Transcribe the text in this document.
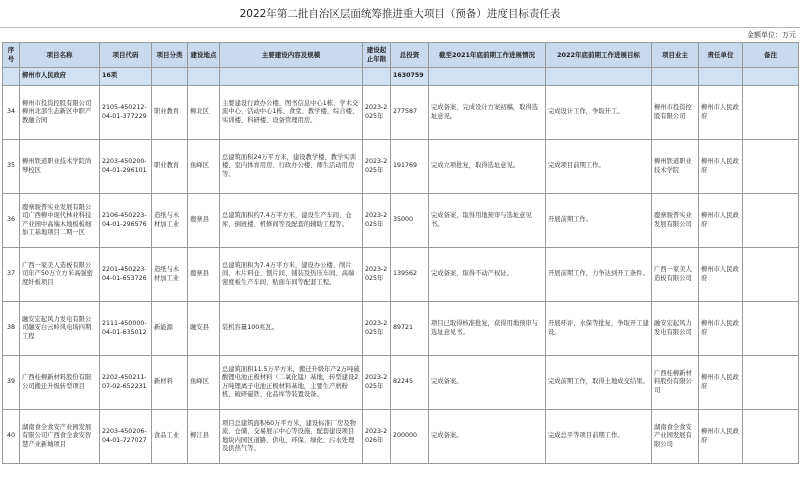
2022年第二批自治区层面统筹推进重大项目（预备）进度目标责任表
金额单位：万元
序号	项目名称	项目代码	项目分类	建设地点	主要建设内容及规模	建设起止年限	总投资	截至2021年底前期工作进展情况	2022年底前期工作进展目标	项目业主	责任单位	备注
	柳州市人民政府	16项					1630759					
34	柳州市投资控股有限公司柳州北部生态新区中职产教融合园	2105-450212-04-01-377229	职业教育	柳北区	主要建设行政办公楼、图书信息中心1栋、学术交流中心、活动中心1栋、食堂、教学楼、综合楼、实训楼、科研楼、设备管理用房。	2023-2025年	277587	完成备案，完成设计方案初稿，取得选址意见。	完成设计工作，争取开工。	柳州市投资控股有限公司	柳州市人民政府	
35	柳州铁道职业技术学院尚琴校区	2203-450200-04-01-296101	职业教育	鱼峰区	总建筑面积24万平方米，建设教学楼、教学实训楼、室内体育用房、行政办公楼、师生活动用房等。	2023-2025年	191769	完成立项批复，取得选址意见。	完成项目前期工作。	柳州铁道职业技术学院	柳州市人民政府	
36	鹿寨骏普实业发展有限公司广西柳中现代林业科技产业园中高端木地板板细加工基地项目二期一区	2106-450223-04-01-296576	造纸与木材加工业	鹿寨县	总建筑面积约7.4万平方米，建设生产车间、仓库、倒班楼、机修间等及配套的辅助工程等。	2023-2025年	35000	完成备案，取得用地预审与选址意见书。	开展前期工作。	鹿寨骏普实业发展有限公司	柳州市人民政府	
37	广西一家美人造板有限公司年产50万立方米高强密度纤板项目	2201-450223-04-01-653726	造纸与木材加工业	鹿寨县	总建筑面积为7.4万平方米，建设办公楼、削片间、木片料仓、刨片间、铺装及热压车间、高端密度板生产车间、贴面车间等配套工程。	2023-2025年	139562	完成备案，取得不动产权证。	开展前期工作，力争达到开工条件。	广西一家美人造板有限公司	柳州市人民政府	
38	融安宏起风力发电有限公司融安白云岭风电场四期工程	2111-450000-04-01-635012	新能源	融安县	装机容量100兆瓦。	2023-2025年	89721	项目已取得核准批复，获得用地预审与选址意见书。	开展环评、水保等批复，争取开工建设。	融安宏起风力发电有限公司	柳州市人民政府	
39	广西桂柳新材料股份有限公司搬迁升级转型项目	2202-450211-07-02-652231	新材料	鱼峰区	总建筑面积11.5万平方米，搬迁升级年产2万吨硫酸锂电池正极材料（二氧化锰）基地，转型建设2万吨锂离子电池正极材料基地，主要生产磨粉机、破碎磁铁、化品库等装置设备。	2023-2025年	82245	完成备案。	完成前期工作，取得土地成交结果。	广西桂柳新材料股份有限公司	柳州市人民政府	
40	湖南食全食安产业园发展有限公司广西食全食安智慧产业新城项目	2203-450206-04-01-727027	食品工业	柳江县	项目总建筑面积60万平方米，建设标准厂房及物流、仓储、交易展示中心等设施，配套建设项目地块内园区道路、供电、环保、绿化、污水处理及供热气等。	2023-2026年	200000	完成备案。	完成总平等项目前期工作。	湖南食全食安产业园发展有限公司	柳州市人民政府	
